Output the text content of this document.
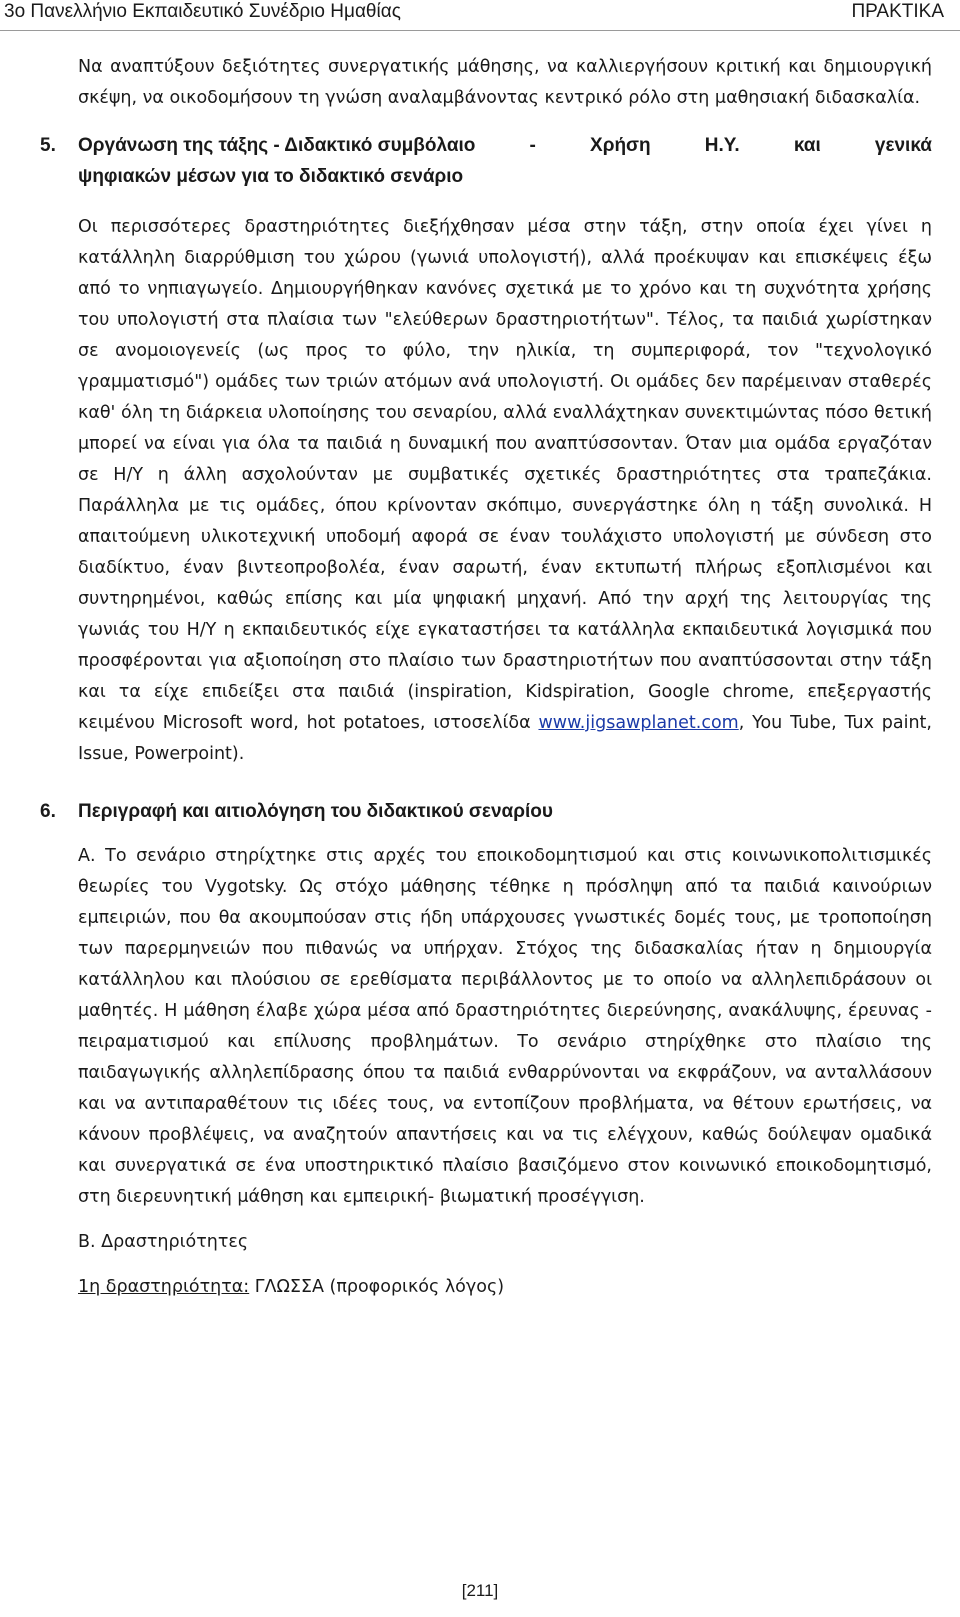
3ο Πανελλήνιο Εκπαιδευτικό Συνέδριο Ημαθίας	ΠΡΑΚΤΙΚΑ

Να αναπτύξουν δεξιότητες συνεργατικής μάθησης, να καλλιεργήσουν κριτική και δημιουργική σκέψη, να οικοδομήσουν τη γνώση αναλαμβάνοντας κεντρικό ρόλο στη μαθησιακή διδασκαλία.

5. Οργάνωση της τάξης - Διδακτικό συμβόλαιο	-	Χρήση	Η.Υ.	και	γενικά
ψηφιακών μέσων για το διδακτικό σενάριο

Οι περισσότερες δραστηριότητες διεξήχθησαν μέσα στην τάξη, στην οποία έχει γίνει η κατάλληλη διαρρύθμιση του χώρου (γωνιά υπολογιστή), αλλά προέκυψαν και επισκέψεις έξω από το νηπιαγωγείο. Δημιουργήθηκαν κανόνες σχετικά με το χρόνο και τη συχνότητα χρήσης του υπολογιστή στα πλαίσια των "ελεύθερων δραστηριοτήτων". Τέλος, τα παιδιά χωρίστηκαν σε ανομοιογενείς (ως προς το φύλο, την ηλικία, τη συμπεριφορά, τον "τεχνολογικό γραμματισμό") ομάδες των τριών ατόμων ανά υπολογιστή. Οι ομάδες δεν παρέμειναν σταθερές καθ' όλη τη διάρκεια υλοποίησης του σεναρίου, αλλά εναλλάχτηκαν συνεκτιμώντας πόσο θετική μπορεί να είναι για όλα τα παιδιά η δυναμική που αναπτύσσονταν. Όταν μια ομάδα εργαζόταν σε Η/Υ η άλλη ασχολούνταν με συμβατικές σχετικές δραστηριότητες στα τραπεζάκια. Παράλληλα με τις ομάδες, όπου κρίνονταν σκόπιμο, συνεργάστηκε όλη η τάξη συνολικά. Η απαιτούμενη υλικοτεχνική υποδομή αφορά σε έναν τουλάχιστο υπολογιστή με σύνδεση στο διαδίκτυο, έναν βιντεοπροβολέα, έναν σαρωτή, έναν εκτυπωτή πλήρως εξοπλισμένοι και συντηρημένοι, καθώς επίσης και μία ψηφιακή μηχανή. Από την αρχή της λειτουργίας της γωνιάς του Η/Υ η εκπαιδευτικός είχε εγκαταστήσει τα κατάλληλα εκπαιδευτικά λογισμικά που προσφέρονται για αξιοποίηση στο πλαίσιο των δραστηριοτήτων που αναπτύσσονται στην τάξη και τα είχε επιδείξει στα παιδιά (inspiration, Kidspiration, Google chrome, επεξεργαστής κειμένου Microsoft word, hot potatoes, ιστοσελίδα www.jigsawplanet.com, You Tube, Tux paint, Issue, Powerpoint).

6. Περιγραφή και αιτιολόγηση του διδακτικού σεναρίου

Α. Το σενάριο στηρίχτηκε στις αρχές του εποικοδομητισμού και στις κοινωνικοπολιτισμικές θεωρίες του Vygotsky. Ως στόχο μάθησης τέθηκε η πρόσληψη από τα παιδιά καινούριων εμπειριών, που θα ακουμπούσαν στις ήδη υπάρχουσες γνωστικές δομές τους, με τροποποίηση των παρερμηνειών που πιθανώς να υπήρχαν. Στόχος της διδασκαλίας ήταν η δημιουργία κατάλληλου και πλούσιου σε ερεθίσματα περιβάλλοντος με το οποίο να αλληλεπιδράσουν οι μαθητές. Η μάθηση έλαβε χώρα μέσα από δραστηριότητες διερεύνησης, ανακάλυψης, έρευνας - πειραματισμού και επίλυσης προβλημάτων. Το σενάριο στηρίχθηκε στο πλαίσιο της παιδαγωγικής αλληλεπίδρασης όπου τα παιδιά ενθαρρύνονται να εκφράζουν, να ανταλλάσουν και να αντιπαραθέτουν τις ιδέες τους, να εντοπίζουν προβλήματα, να θέτουν ερωτήσεις, να κάνουν προβλέψεις, να αναζητούν απαντήσεις και να τις ελέγχουν, καθώς δούλεψαν ομαδικά και συνεργατικά σε ένα υποστηρικτικό πλαίσιο βασιζόμενο στον κοινωνικό εποικοδομητισμό, στη διερευνητική μάθηση και εμπειρική- βιωματική προσέγγιση.

Β. Δραστηριότητες
1η δραστηριότητα: ΓΛΩΣΣΑ (προφορικός λόγος)
[211]
